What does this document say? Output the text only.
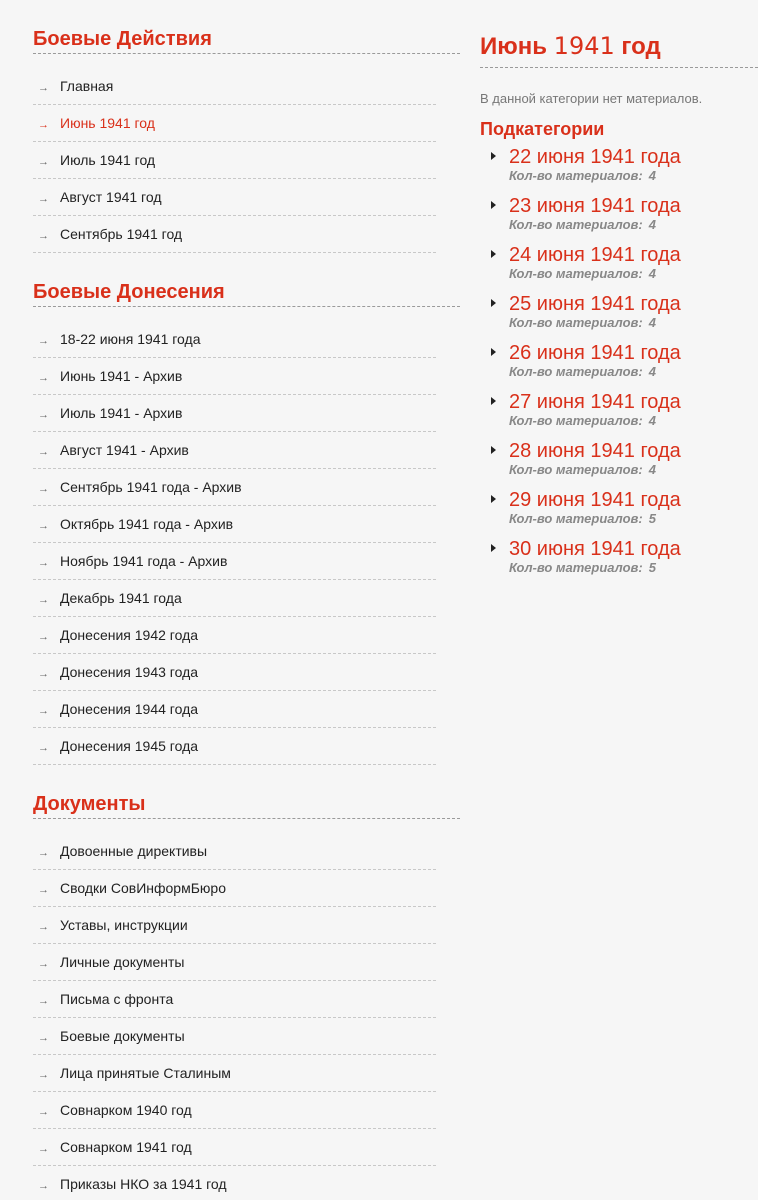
Боевые Действия
→ Главная
→ Июнь 1941 год
→ Июль 1941 год
→ Август 1941 год
→ Сентябрь 1941 год
Боевые Донесения
→ 18-22 июня 1941 года
→ Июнь 1941 - Архив
→ Июль 1941 - Архив
→ Август 1941 - Архив
→ Сентябрь 1941 года - Архив
→ Октябрь 1941 года - Архив
→ Ноябрь 1941 года - Архив
→ Декабрь 1941 года
→ Донесения 1942 года
→ Донесения 1943 года
→ Донесения 1944 года
→ Донесения 1945 года
Документы
→ Довоенные директивы
→ Сводки СовИнформБюро
→ Уставы, инструкции
→ Личные документы
→ Письма с фронта
→ Боевые документы
→ Лица принятые Сталиным
→ Совнарком 1940 год
→ Совнарком 1941 год
→ Приказы НКО за 1941 год
Июнь 1941 год

В данной категории нет материалов.

Подкатегории
22 июня 1941 года
Кол-во материалов: 4
23 июня 1941 года
Кол-во материалов: 4
24 июня 1941 года
Кол-во материалов: 4
25 июня 1941 года
Кол-во материалов: 4
26 июня 1941 года
Кол-во материалов: 4
27 июня 1941 года
Кол-во материалов: 4
28 июня 1941 года
Кол-во материалов: 4
29 июня 1941 года
Кол-во материалов: 5
30 июня 1941 года
Кол-во материалов: 5
